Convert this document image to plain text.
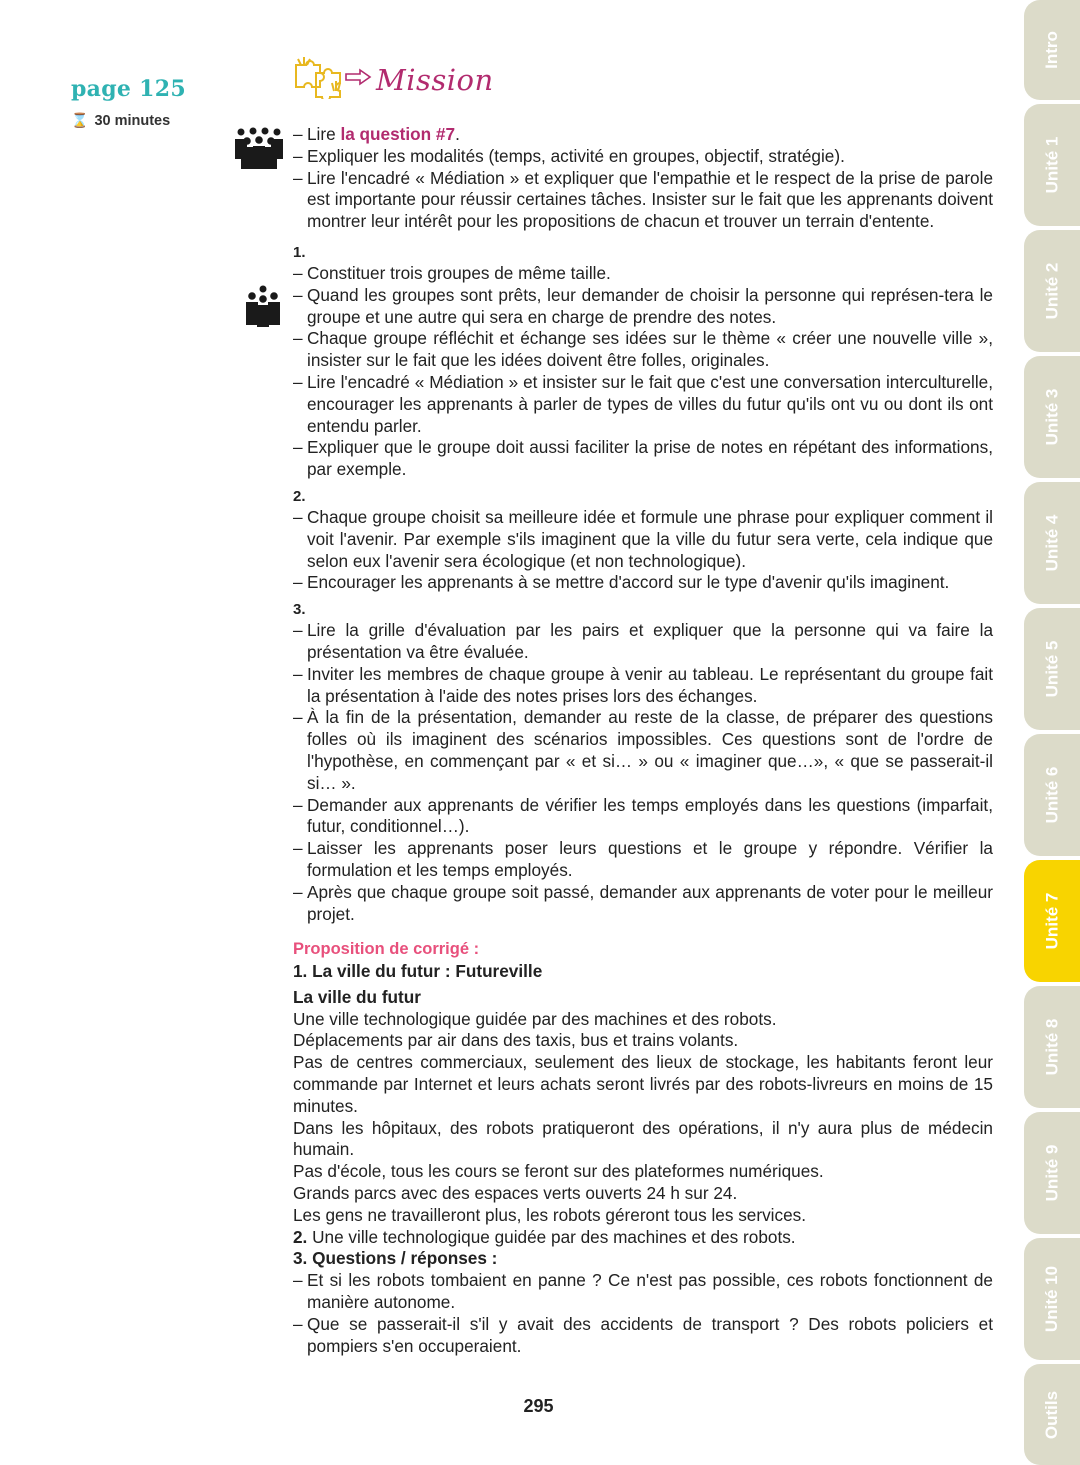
page 125
⌛ 30 minutes
Mission
– Lire la question #7.
– Expliquer les modalités (temps, activité en groupes, objectif, stratégie).
– Lire l'encadré « Médiation » et expliquer que l'empathie et le respect de la prise de parole est importante pour réussir certaines tâches. Insister sur le fait que les apprenants doivent montrer leur intérêt pour les propositions de chacun et trouver un terrain d'entente.
1.
– Constituer trois groupes de même taille.
– Quand les groupes sont prêts, leur demander de choisir la personne qui représen-tera le groupe et une autre qui sera en charge de prendre des notes.
– Chaque groupe réfléchit et échange ses idées sur le thème « créer une nouvelle ville », insister sur le fait que les idées doivent être folles, originales.
– Lire l'encadré « Médiation » et insister sur le fait que c'est une conversation interculturelle, encourager les apprenants à parler de types de villes du futur qu'ils ont vu ou dont ils ont entendu parler.
– Expliquer que le groupe doit aussi faciliter la prise de notes en répétant des informations, par exemple.
2.
– Chaque groupe choisit sa meilleure idée et formule une phrase pour expliquer comment il voit l'avenir. Par exemple s'ils imaginent que la ville du futur sera verte, cela indique que selon eux l'avenir sera écologique (et non technologique).
– Encourager les apprenants à se mettre d'accord sur le type d'avenir qu'ils imaginent.
3.
– Lire la grille d'évaluation par les pairs et expliquer que la personne qui va faire la présentation va être évaluée.
– Inviter les membres de chaque groupe à venir au tableau. Le représentant du groupe fait la présentation à l'aide des notes prises lors des échanges.
– À la fin de la présentation, demander au reste de la classe, de préparer des questions folles où ils imaginent des scénarios impossibles. Ces questions sont de l'ordre de l'hypothèse, en commençant par « et si… » ou « imaginer que…», « que se passerait-il si… ».
– Demander aux apprenants de vérifier les temps employés dans les questions (imparfait, futur, conditionnel…).
– Laisser les apprenants poser leurs questions et le groupe y répondre. Vérifier la formulation et les temps employés.
– Après que chaque groupe soit passé, demander aux apprenants de voter pour le meilleur projet.
Proposition de corrigé :
1. La ville du futur : Futureville
La ville du futur

Une ville technologique guidée par des machines et des robots.

Déplacements par air dans des taxis, bus et trains volants.

Pas de centres commerciaux, seulement des lieux de stockage, les habitants feront leur commande par Internet et leurs achats seront livrés par des robots-livreurs en moins de 15 minutes.

Dans les hôpitaux, des robots pratiqueront des opérations, il n'y aura plus de médecin humain.

Pas d'école, tous les cours se feront sur des plateformes numériques.

Grands parcs avec des espaces verts ouverts 24 h sur 24.

Les gens ne travailleront plus, les robots géreront tous les services.

2. Une ville technologique guidée par des machines et des robots.

3. Questions / réponses :
– Et si les robots tombaient en panne ? Ce n'est pas possible, ces robots fonctionnent de manière autonome.
– Que se passerait-il s'il y avait des accidents de transport ? Des robots policiers et pompiers s'en occuperaient.
295
Intro
Unité 1
Unité 2
Unité 3
Unité 4
Unité 5
Unité 6
Unité 7
Unité 8
Unité 9
Unité 10
Outils
